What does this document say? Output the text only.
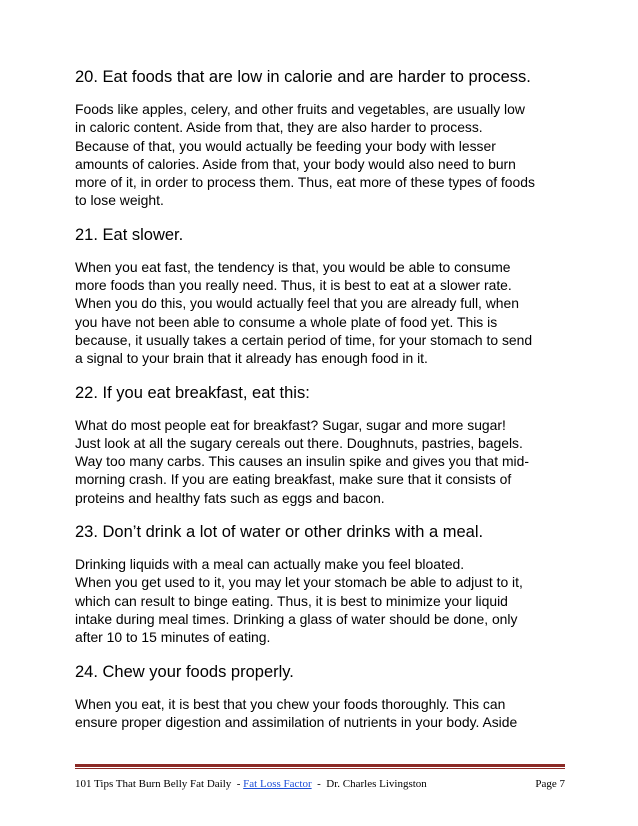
20. Eat foods that are low in calorie and are harder to process.
Foods like apples, celery, and other fruits and vegetables, are usually low
in caloric content. Aside from that, they are also harder to process.
Because of that, you would actually be feeding your body with lesser
amounts of calories. Aside from that, your body would also need to burn
more of it, in order to process them. Thus, eat more of these types of foods
to lose weight.
21. Eat slower.
When you eat fast, the tendency is that, you would be able to consume
more foods than you really need. Thus, it is best to eat at a slower rate.
When you do this, you would actually feel that you are already full, when
you have not been able to consume a whole plate of food yet. This is
because, it usually takes a certain period of time, for your stomach to send
a signal to your brain that it already has enough food in it.
22. If you eat breakfast, eat this:
What do most people eat for breakfast? Sugar, sugar and more sugar!
Just look at all the sugary cereals out there. Doughnuts, pastries, bagels.
Way too many carbs. This causes an insulin spike and gives you that mid-
morning crash. If you are eating breakfast, make sure that it consists of
proteins and healthy fats such as eggs and bacon.
23. Don’t drink a lot of water or other drinks with a meal.
Drinking liquids with a meal can actually make you feel bloated.
When you get used to it, you may let your stomach be able to adjust to it,
which can result to binge eating. Thus, it is best to minimize your liquid
intake during meal times. Drinking a glass of water should be done, only
after 10 to 15 minutes of eating.
24. Chew your foods properly.
When you eat, it is best that you chew your foods thoroughly. This can
ensure proper digestion and assimilation of nutrients in your body. Aside
101 Tips That Burn Belly Fat Daily  - Fat Loss Factor  -  Dr. Charles Livingston	Page 7
